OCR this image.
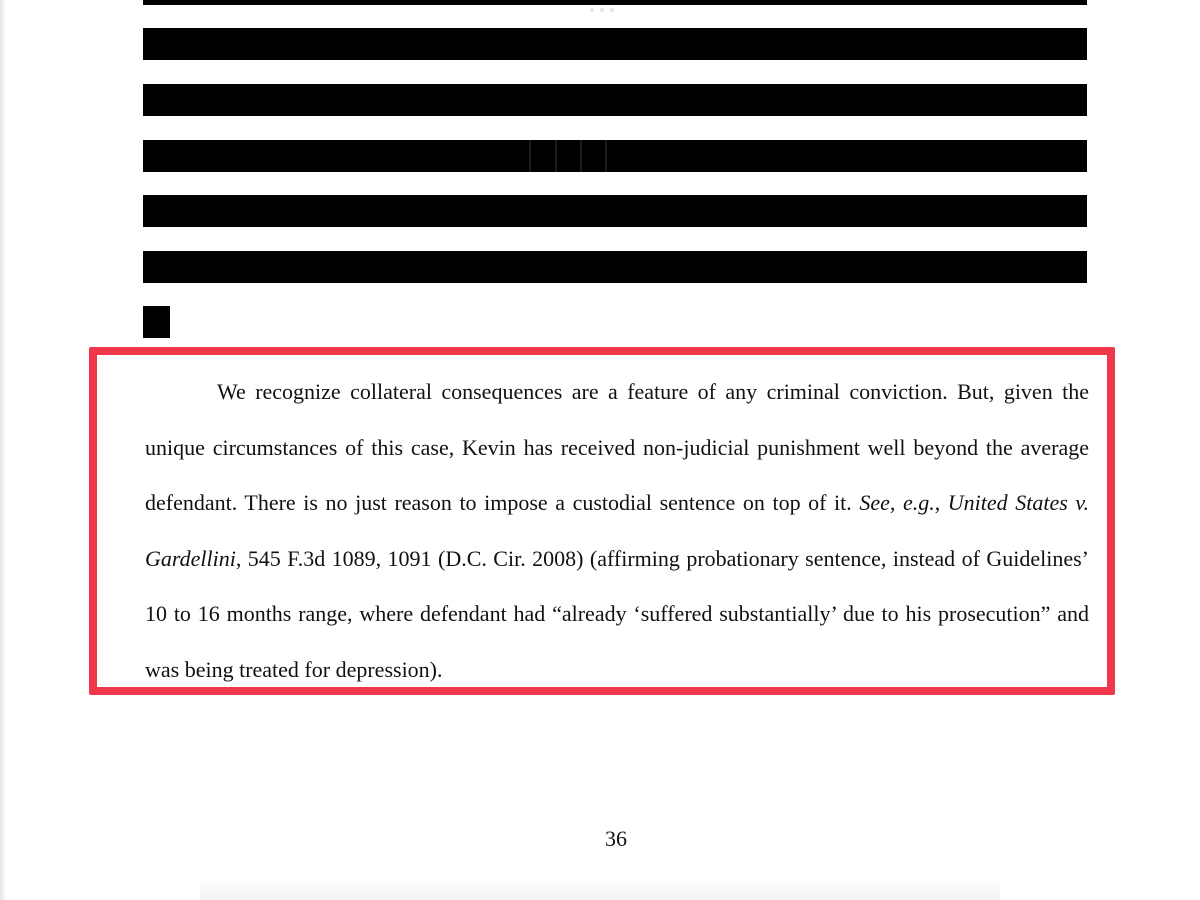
We recognize collateral consequences are a feature of any criminal conviction. But, given the unique circumstances of this case, Kevin has received non-judicial punishment well beyond the average defendant. There is no just reason to impose a custodial sentence on top of it. See, e.g., United States v. Gardellini, 545 F.3d 1089, 1091 (D.C. Cir. 2008) (affirming probationary sentence, instead of Guidelines’ 10 to 16 months range, where defendant had “already ‘suffered substantially’ due to his prosecution” and was being treated for depression).

36
